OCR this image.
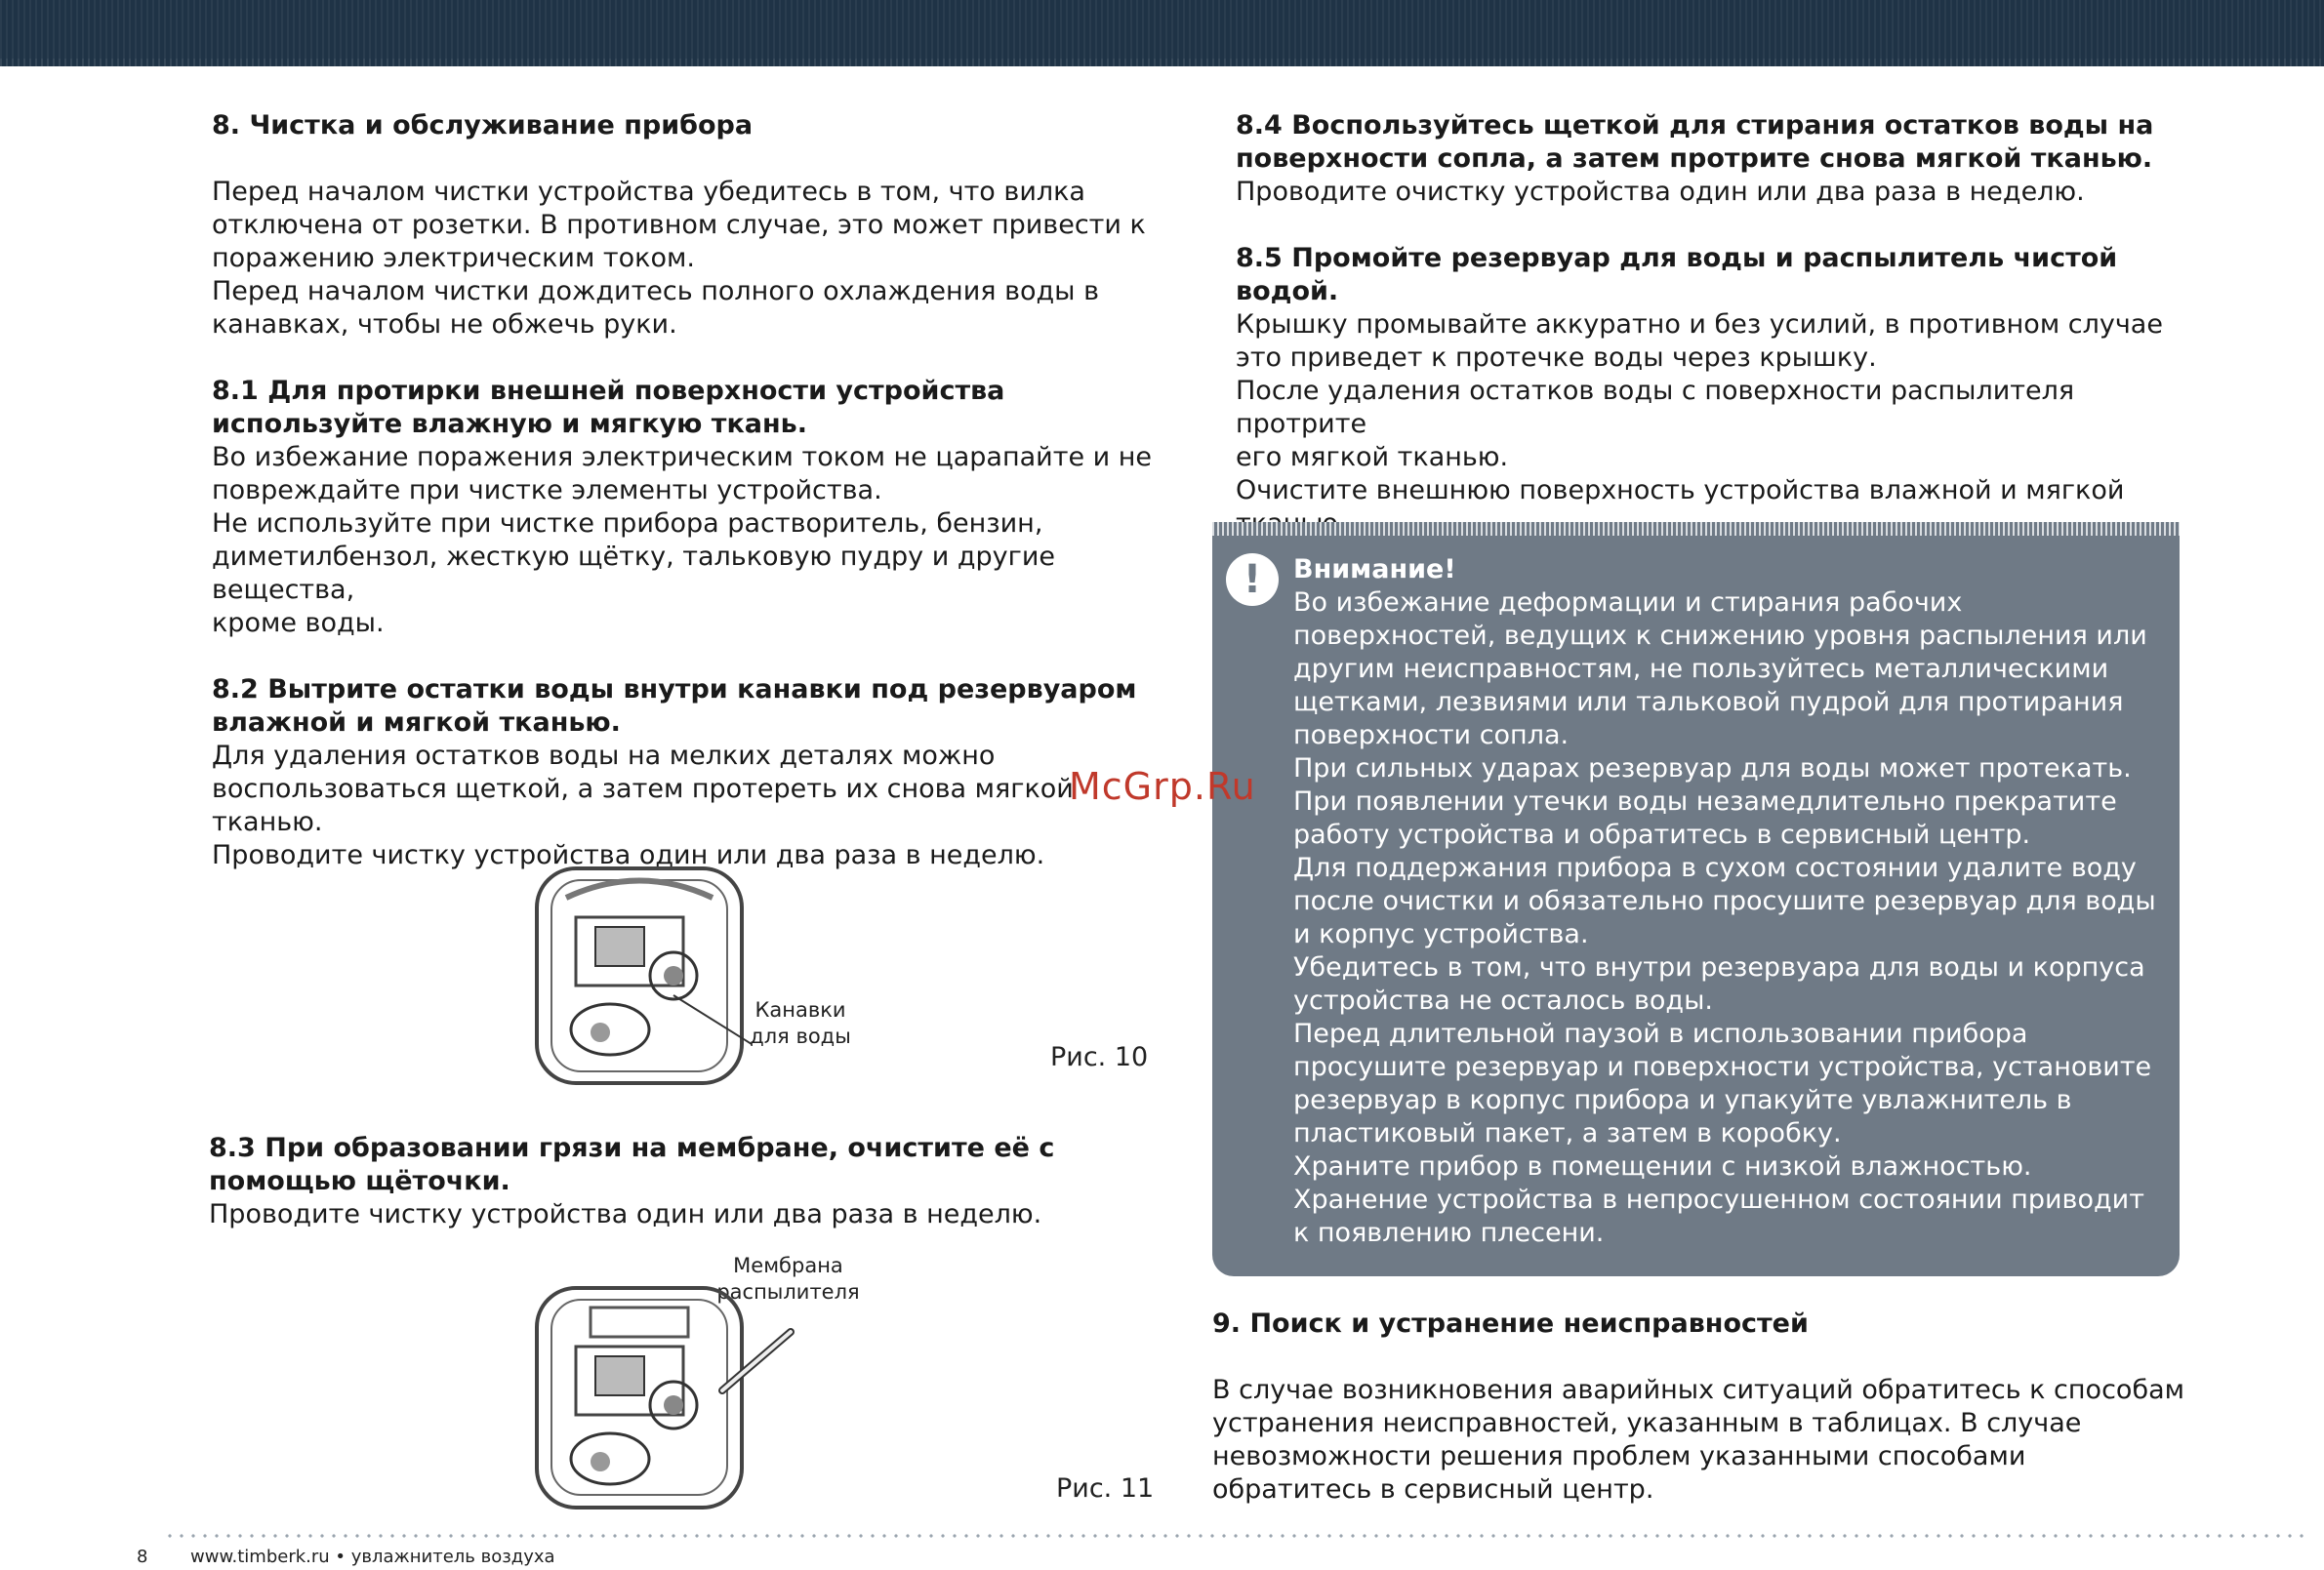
8. Чистка и обслуживание прибора

Перед началом чистки устройства убедитесь в том, что вилка

отключена от розетки. В противном случае, это может привести к

поражению электрическим током.

Перед началом чистки дождитесь полного охлаждения воды в

канавках, чтобы не обжечь руки.

8.1 Для протирки внешней поверхности устройства

используйте влажную и мягкую ткань.

Во избежание поражения электрическим током не царапайте и не

повреждайте при чистке элементы устройства.

Не используйте при чистке прибора растворитель, бензин,

диметилбензол, жесткую щётку, тальковую пудру и другие вещества,

кроме воды.

8.2 Вытрите остатки воды внутри канавки под резервуаром

влажной и мягкой тканью.

Для удаления остатков воды на мелких деталях можно

воспользоваться щеткой, а затем протереть их снова мягкой тканью.

Проводите чистку устройства один или два раза в неделю.

Канавки
для воды
Рис. 10

8.3 При образовании грязи на мембране, очистите её с

помощью щёточки.

Проводите чистку устройства один или два раза в неделю.

Мембрана
распылителя
Рис. 11

8.4 Воспользуйтесь щеткой для стирания остатков воды на

поверхности сопла, а затем протрите снова мягкой тканью.

Проводите очистку устройства один или два раза в неделю.

8.5 Промойте резервуар для воды и распылитель чистой водой.

Крышку промывайте аккуратно и без усилий, в противном случае

это приведет к протечке воды через крышку.

После удаления остатков воды с поверхности распылителя протрите

его мягкой тканью.

Очистите внешнюю поверхность устройства влажной и мягкой

!	Внимание!

Во избежание деформации и стирания рабочих

поверхностей, ведущих к снижению уровня распыления или

другим неисправностям, не пользуйтесь металлическими

щетками, лезвиями или тальковой пудрой для протирания

поверхности сопла.

При сильных ударах резервуар для воды может протекать.

При появлении утечки воды незамедлительно прекратите

работу устройства и обратитесь в сервисный центр.

Для поддержания прибора в сухом состоянии удалите воду

после очистки и обязательно просушите резервуар для воды

и корпус устройства.

Убедитесь в том, что внутри резервуара для воды и корпуса

устройства не осталось воды.

Перед длительной паузой в использовании прибора

просушите резервуар и поверхности устройства, установите

резервуар в корпус прибора и упакуйте увлажнитель в

пластиковый пакет, а затем в коробку.

Храните прибор в помещении с низкой влажностью.

Хранение устройства в непросушенном состоянии приводит

к появлению плесени.

9. Поиск и устранение неисправностей

В случае возникновения аварийных ситуаций обратитесь к способам

устранения неисправностей, указанным в таблицах. В случае

невозможности решения проблем указанными способами

обратитесь в сервисный центр.

McGrp.Ru
8 www.timberk.ru • увлажнитель воздуха
